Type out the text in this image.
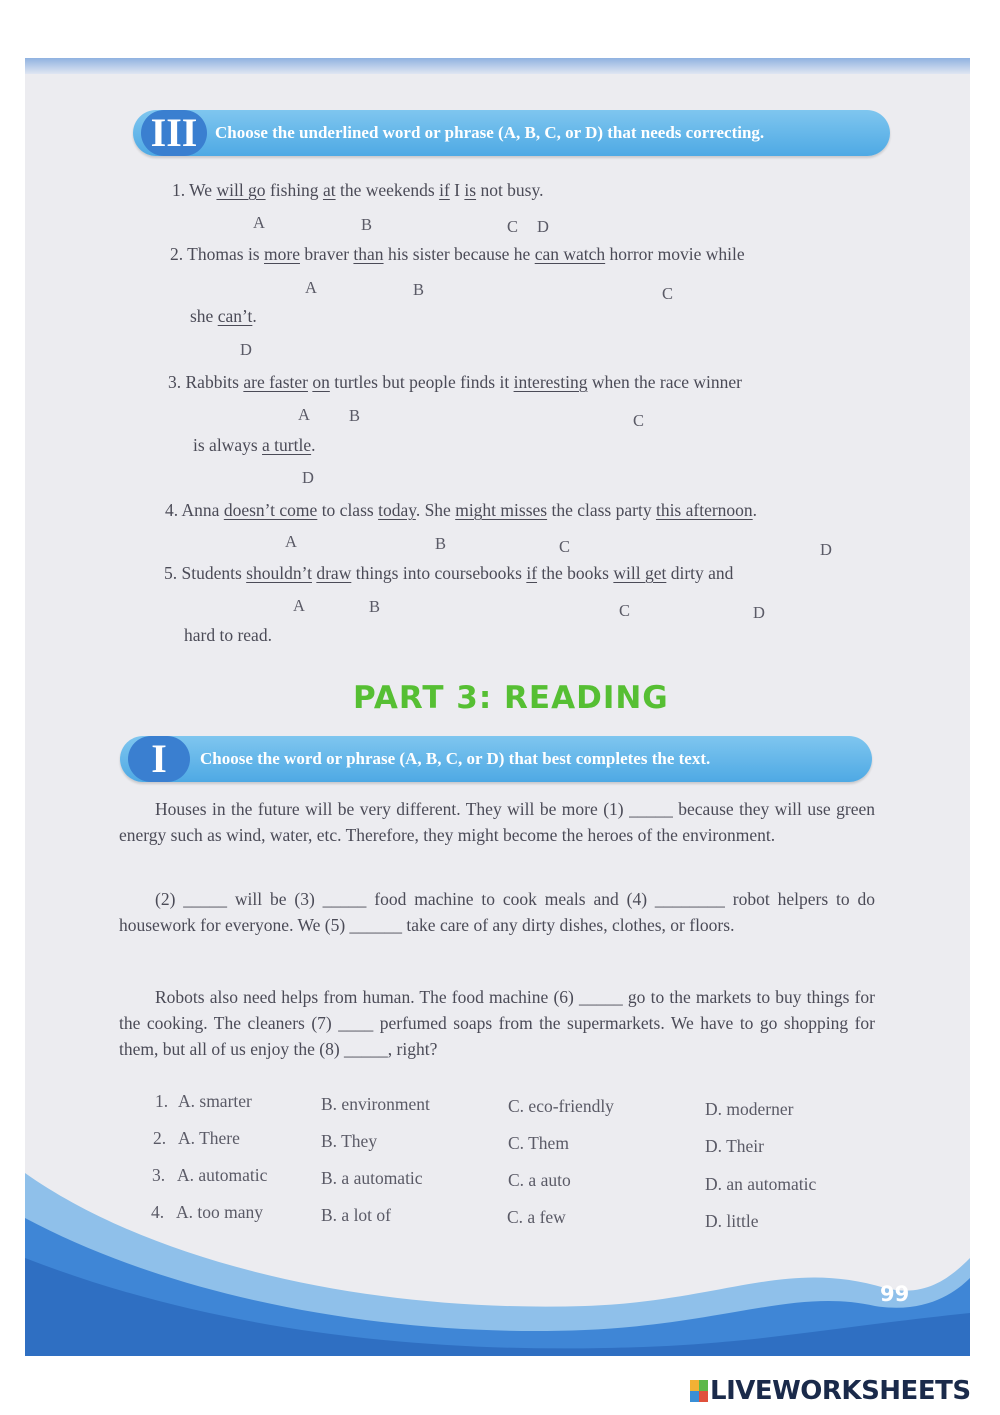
III	Choose the underlined word or phrase (A, B, C, or D) that needs correcting.
1. We will go fishing at the weekends if I is not busy.
A	B	C D
2. Thomas is more braver than his sister because he can watch horror movie while
A	B	C
she can’t.
D
3. Rabbits are faster on turtles but people finds it interesting when the race winner
A B	C
is always a turtle.
D
4. Anna doesn’t come to class today. She might misses the class party this afternoon.
A	B	C	D
5. Students shouldn’t draw things into coursebooks if the books will get dirty and
A	B	C	D
hard to read.
PART 3: READING
I	Choose the word or phrase (A, B, C, or D) that best completes the text.
Houses in the future will be very different. They will be more (1) _____ because they will use green energy such as wind, water, etc. Therefore, they might become the heroes of the environment.
(2) _____ will be (3) _____ food machine to cook meals and (4) ________ robot helpers to do housework for everyone. We (5) ______ take care of any dirty dishes, clothes, or floors.
Robots also need helps from human. The food machine (6) _____ go to the markets to buy things for the cooking. The cleaners (7) ____ perfumed soaps from the supermarkets. We have to go shopping for them, but all of us enjoy the (8) _____, right?
1. A. smarter	B. environment	C. eco-friendly	D. moderner
2. A. There	B. They	C. Them	D. Their
3. A. automatic	B. a automatic	C. a auto	D. an automatic
4. A. too many	B. a lot of	C. a few	D. little
99
LIVEWORKSHEETS
